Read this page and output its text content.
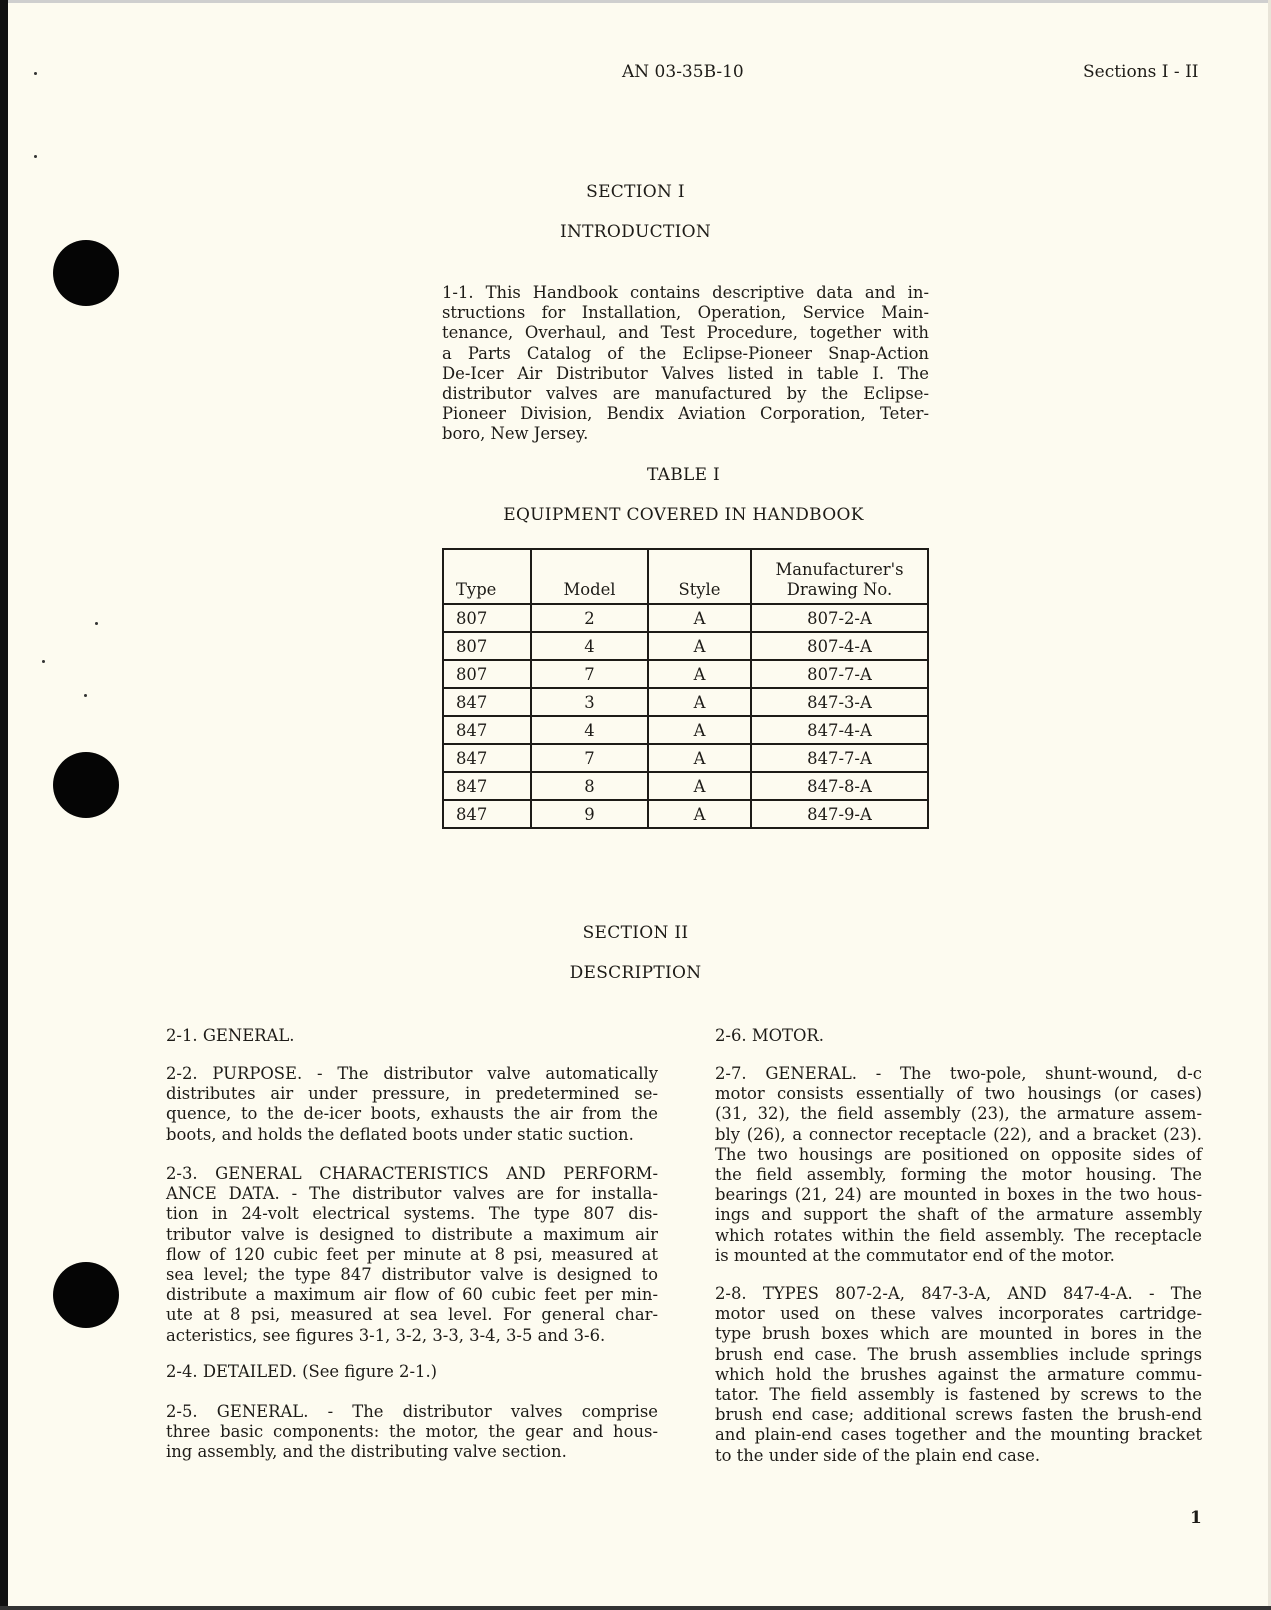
AN 03-35B-10	Sections I - II
SECTION I
INTRODUCTION
1-1. This Handbook contains descriptive data and in-
structions for Installation, Operation, Service Main-
tenance, Overhaul, and Test Procedure, together with
a Parts Catalog of the Eclipse-Pioneer Snap-Action
De-Icer Air Distributor Valves listed in table I. The
distributor valves are manufactured by the Eclipse-
Pioneer Division, Bendix Aviation Corporation, Teter-
boro, New Jersey.
TABLE I
EQUIPMENT COVERED IN HANDBOOK
Type	Model	Style	Manufacturer's
Drawing No.

807	2	A	807-2-A
807	4	A	807-4-A
807	7	A	807-7-A
847	3	A	847-3-A
847	4	A	847-4-A
847	7	A	847-7-A
847	8	A	847-8-A
847	9	A	847-9-A
SECTION II
DESCRIPTION
2-1. GENERAL.
2-2. PURPOSE. - The distributor valve automatically
distributes air under pressure, in predetermined se-
quence, to the de-icer boots, exhausts the air from the
boots, and holds the deflated boots under static suction.
2-3. GENERAL CHARACTERISTICS AND PERFORM-
ANCE DATA. - The distributor valves are for installa-
tion in 24-volt electrical systems. The type 807 dis-
tributor valve is designed to distribute a maximum air
flow of 120 cubic feet per minute at 8 psi, measured at
sea level; the type 847 distributor valve is designed to
distribute a maximum air flow of 60 cubic feet per min-
ute at 8 psi, measured at sea level. For general char-
acteristics, see figures 3-1, 3-2, 3-3, 3-4, 3-5 and 3-6.
2-4. DETAILED. (See figure 2-1.)
2-5. GENERAL. - The distributor valves comprise
three basic components: the motor, the gear and hous-
ing assembly, and the distributing valve section.
2-6. MOTOR.
2-7. GENERAL. - The two-pole, shunt-wound, d-c
motor consists essentially of two housings (or cases)
(31, 32), the field assembly (23), the armature assem-
bly (26), a connector receptacle (22), and a bracket (23).
The two housings are positioned on opposite sides of
the field assembly, forming the motor housing. The
bearings (21, 24) are mounted in boxes in the two hous-
ings and support the shaft of the armature assembly
which rotates within the field assembly. The receptacle
is mounted at the commutator end of the motor.
2-8. TYPES 807-2-A, 847-3-A, AND 847-4-A. - The
motor used on these valves incorporates cartridge-
type brush boxes which are mounted in bores in the
brush end case. The brush assemblies include springs
which hold the brushes against the armature commu-
tator. The field assembly is fastened by screws to the
brush end case; additional screws fasten the brush-end
and plain-end cases together and the mounting bracket
to the under side of the plain end case.
1
